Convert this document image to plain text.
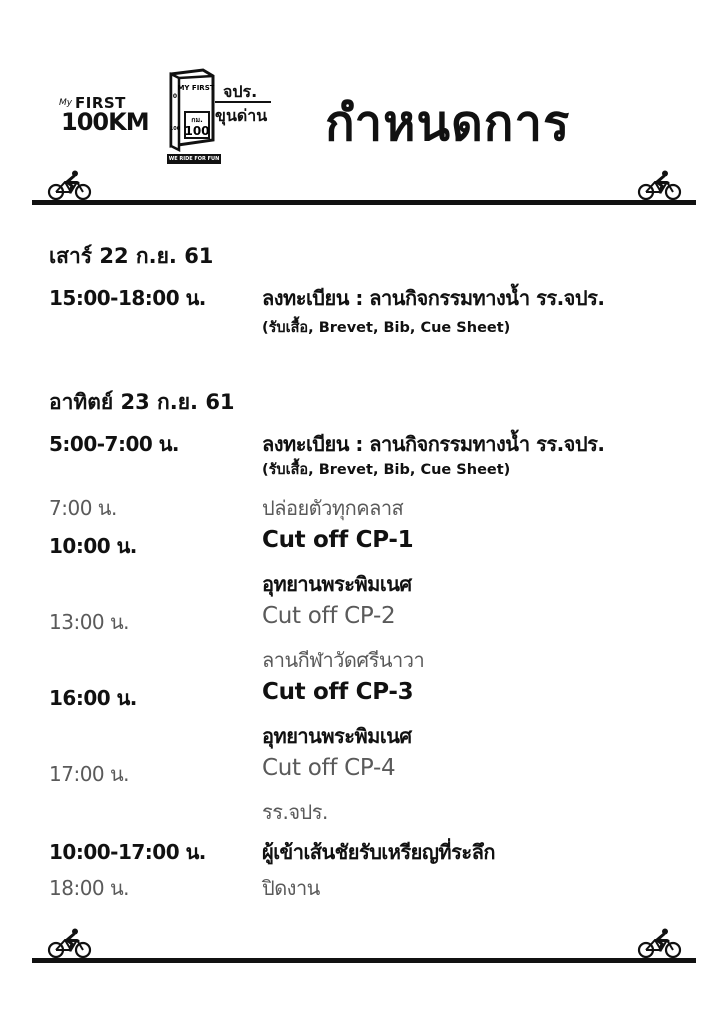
My FIRST
100KM
MY FIRST
กม.
100
100
0
WE RIDE FOR FUN
จปร.
ขุนด่าน กำหนดการ
เสาร์ 22 ก.ย. 61
15:00-18:00 น.	ลงทะเบียน : ลานกิจกรรมทางน้ำ รร.จปร.
(รับเสื้อ, Brevet, Bib, Cue Sheet)
อาทิตย์ 23 ก.ย. 61
5:00-7:00 น.	ลงทะเบียน : ลานกิจกรรมทางน้ำ รร.จปร.
(รับเสื้อ, Brevet, Bib, Cue Sheet)
7:00 น.	ปล่อยตัวทุกคลาส
10:00 น.	Cut off CP-1
อุทยานพระพิมเนศ
13:00 น.	Cut off CP-2
ลานกีฬาวัดศรีนาวา
16:00 น.	Cut off CP-3
อุทยานพระพิมเนศ
17:00 น.	Cut off CP-4
รร.จปร.
10:00-17:00 น.	ผู้เข้าเส้นชัยรับเหรียญที่ระลึก
18:00 น.	ปิดงาน
